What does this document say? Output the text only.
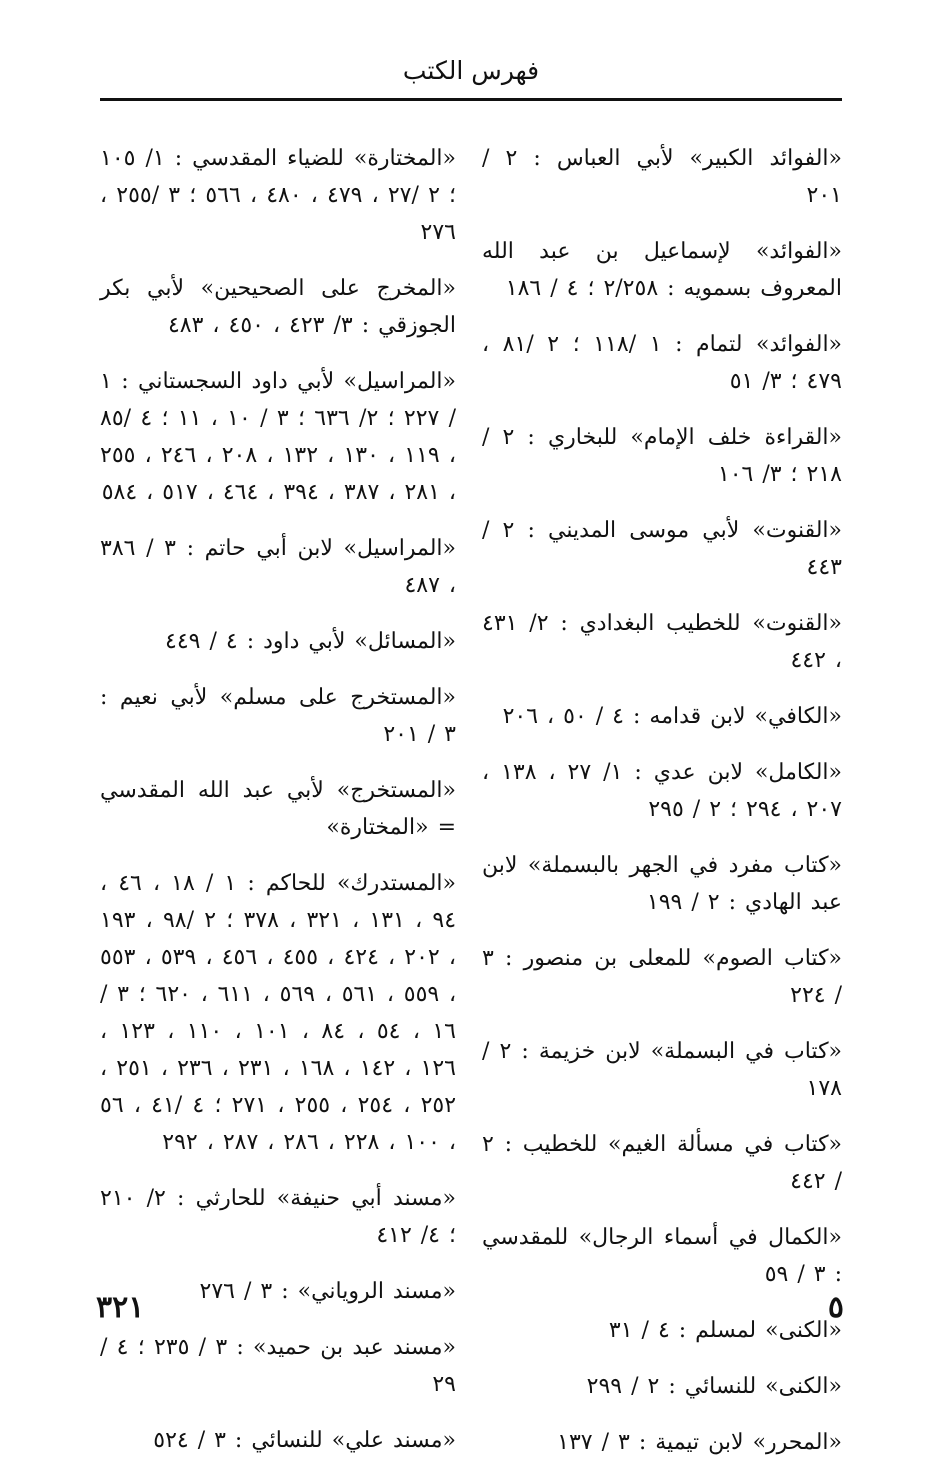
فهرس الكتب

«الفوائد الكبير» لأبي العباس : ٢ / ٢٠١

«الفوائد» لإسماعيل بن عبد الله المعروف بسمويه : ٢/٢٥٨ ؛ ٤ / ١٨٦

«الفوائد» لتمام : ١ /١١٨ ؛ ٢ /٨١ ، ٤٧٩ ؛ ٣/ ٥١

«القراءة خلف الإمام» للبخاري : ٢ / ٢١٨ ؛ ٣/ ١٠٦

«القنوت» لأبي موسى المديني : ٢ / ٤٤٣

«القنوت» للخطيب البغدادي : ٢/ ٤٣١ ، ٤٤٢

«الكافي» لابن قدامه : ٤ / ٥٠ ، ٢٠٦

«الكامل» لابن عدي : ١/ ٢٧ ، ١٣٨ ، ٢٠٧ ، ٢٩٤ ؛ ٢ / ٢٩٥

«كتاب مفرد في الجهر بالبسملة» لابن عبد الهادي : ٢ / ١٩٩

«كتاب الصوم» للمعلى بن منصور : ٣ / ٢٢٤

«كتاب في البسملة» لابن خزيمة : ٢ / ١٧٨

«كتاب في مسألة الغيم» للخطيب : ٢ / ٤٤٢

«الكمال في أسماء الرجال» للمقدسي : ٣ / ٥٩

«الكنى» لمسلم : ٤ / ٣١

«الكنى» للنسائي : ٢ / ٢٩٩

«المحرر» لابن تيمية : ٣ / ١٣٧

«المختارة» للضياء المقدسي : ١/ ١٠٥ ؛ ٢ /٢٧ ، ٤٧٩ ، ٤٨٠ ، ٥٦٦ ؛ ٣ /٢٥٥ ، ٢٧٦

«المخرج على الصحيحين» لأبي بكر الجوزقي : ٣/ ٤٢٣ ، ٤٥٠ ، ٤٨٣

«المراسيل» لأبي داود السجستاني : ١ / ٢٢٧ ؛ ٢/ ٦٣٦ ؛ ٣ / ١٠ ، ١١ ؛ ٤ /٨٥ ، ١١٩ ، ١٣٠ ، ١٣٢ ، ٢٠٨ ، ٢٤٦ ، ٢٥٥ ، ٢٨١ ، ٣٨٧ ، ٣٩٤ ، ٤٦٤ ، ٥١٧ ، ٥٨٤

«المراسيل» لابن أبي حاتم : ٣ / ٣٨٦ ، ٤٨٧

«المسائل» لأبي داود : ٤ / ٤٤٩

«المستخرج على مسلم» لأبي نعيم : ٣ / ٢٠١

«المستخرج» لأبي عبد الله المقدسي = «المختارة»

«المستدرك» للحاكم : ١ / ١٨ ، ٤٦ ، ٩٤ ، ١٣١ ، ٣٢١ ، ٣٧٨ ؛ ٢ /٩٨ ، ١٩٣ ، ٢٠٢ ، ٤٢٤ ، ٤٥٥ ، ٤٥٦ ، ٥٣٩ ، ٥٥٣ ، ٥٥٩ ، ٥٦١ ، ٥٦٩ ، ٦١١ ، ٦٢٠ ؛ ٣ /١٦ ، ٥٤ ، ٨٤ ، ١٠١ ، ١١٠ ، ١٢٣ ، ١٢٦ ، ١٤٢ ، ١٦٨ ، ٢٣١ ، ٢٣٦ ، ٢٥١ ، ٢٥٢ ، ٢٥٤ ، ٢٥٥ ، ٢٧١ ؛ ٤ /٤١ ، ٥٦ ، ١٠٠ ، ٢٢٨ ، ٢٨٦ ، ٢٨٧ ، ٢٩٢

«مسند أبي حنيفة» للحارثي : ٢/ ٢١٠ ؛ ٤/ ٤١٢

«مسند الروياني» : ٣ / ٢٧٦

«مسند عبد بن حميد» : ٣ / ٢٣٥ ؛ ٤ / ٢٩

«مسند علي» للنسائي : ٣ / ٥٢٤

٣٢١	٥
